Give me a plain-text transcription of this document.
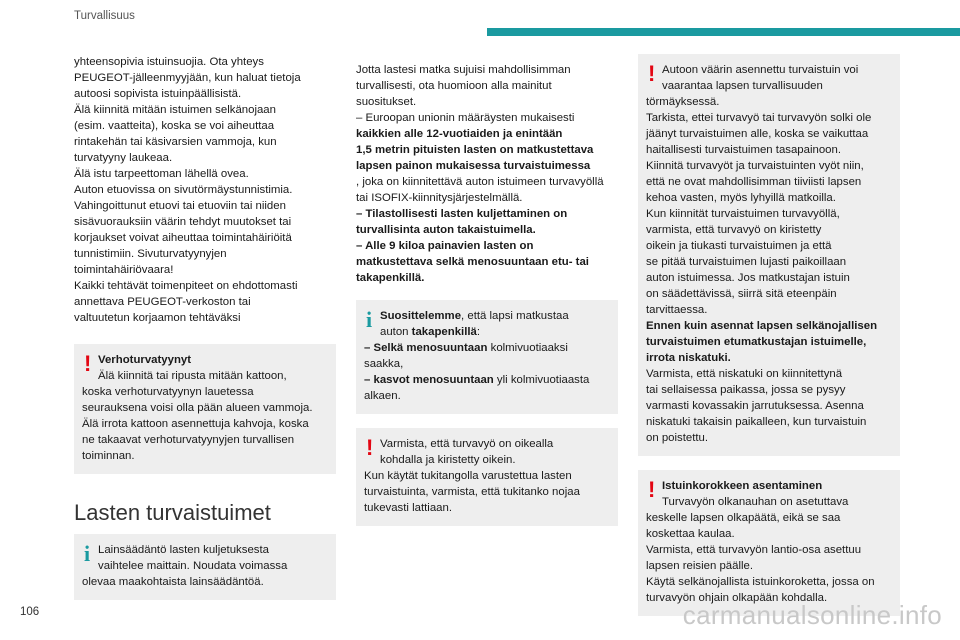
Turvallisuus

yhteensopivia istuinsuojia. Ota yhteys

PEUGEOT-jälleenmyyjään, kun haluat tietoja

autoosi sopivista istuinpäällisistä.

Älä kiinnitä mitään istuimen selkänojaan

(esim. vaatteita), koska se voi aiheuttaa

rintakehän tai käsivarsien vammoja, kun

turvatyyny laukeaa.

Älä istu tarpeettoman lähellä ovea.

Auton etuovissa on sivutörmäystunnistimia.

Vahingoittunut etuovi tai etuoviin tai niiden

sisävuorauksiin väärin tehdyt muutokset tai

korjaukset voivat aiheuttaa toimintahäiriöitä

tunnistimiin. Sivuturvatyynyjen

toimintahäiriövaara!

Kaikki tehtävät toimenpiteet on ehdottomasti

annettava PEUGEOT-verkoston tai

valtuutetun korjaamon tehtäväksi

! Verhoturvatyynyt

Älä kiinnitä tai ripusta mitään kattoon,

koska verhoturvatyynyn lauetessa

seurauksena voisi olla pään alueen vammoja.

Älä irrota kattoon asennettuja kahvoja, koska

ne takaavat verhoturvatyynyjen turvallisen

toiminnan.

Lasten turvaistuimet
i Lainsäädäntö lasten kuljetuksesta

vaihtelee maittain. Noudata voimassa

olevaa maakohtaista lainsäädäntöä.

Jotta lastesi matka sujuisi mahdollisimman

turvallisesti, ota huomioon alla mainitut

suositukset.

– Euroopan unionin määräysten mukaisesti

kaikkien alle 12-vuotiaiden ja enintään

1,5 metrin pituisten lasten on matkustettava

lapsen painon mukaisessa turvaistuimessa

, joka on kiinnitettävä auton istuimeen turvavyöllä

tai ISOFIX-kiinnitysjärjestelmällä.

– Tilastollisesti lasten kuljettaminen on

turvallisinta auton takaistuimella.

– Alle 9 kiloa painavien lasten on

matkustettava selkä menosuuntaan etu- tai

takapenkillä.

i Suosittelemme, että lapsi matkustaa

auton takapenkillä:

– Selkä menosuuntaan kolmivuotiaaksi

saakka,

– kasvot menosuuntaan yli kolmivuotiaasta

alkaen.

! Varmista, että turvavyö on oikealla

kohdalla ja kiristetty oikein.

Kun käytät tukitangolla varustettua lasten

turvaistuinta, varmista, että tukitanko nojaa

tukevasti lattiaan.

! Autoon väärin asennettu turvaistuin voi

vaarantaa lapsen turvallisuuden

törmäyksessä.

Tarkista, ettei turvavyö tai turvavyön solki ole

jäänyt turvaistuimen alle, koska se vaikuttaa

haitallisesti turvaistuimen tasapainoon.

Kiinnitä turvavyöt ja turvaistuinten vyöt niin,

että ne ovat mahdollisimman tiiviisti lapsen

kehoa vasten, myös lyhyillä matkoilla.

Kun kiinnität turvaistuimen turvavyöllä,

varmista, että turvavyö on kiristetty

oikein ja tiukasti turvaistuimen ja että

se pitää turvaistuimen lujasti paikoillaan

auton istuimessa. Jos matkustajan istuin

on säädettävissä, siirrä sitä eteenpäin

tarvittaessa.

Ennen kuin asennat lapsen selkänojallisen

turvaistuimen etumatkustajan istuimelle,

irrota niskatuki.

Varmista, että niskatuki on kiinnitettynä

tai sellaisessa paikassa, jossa se pysyy

varmasti kovassakin jarrutuksessa. Asenna

niskatuki takaisin paikalleen, kun turvaistuin

on poistettu.

! Istuinkorokkeen asentaminen

Turvavyön olkanauhan on asetuttava

keskelle lapsen olkapäätä, eikä se saa

koskettaa kaulaa.

Varmista, että turvavyön lantio-osa asettuu

lapsen reisien päälle.

Käytä selkänojallista istuinkoroketta, jossa on

turvavyön ohjain olkapään kohdalla.

106	carmanualsonline.info
